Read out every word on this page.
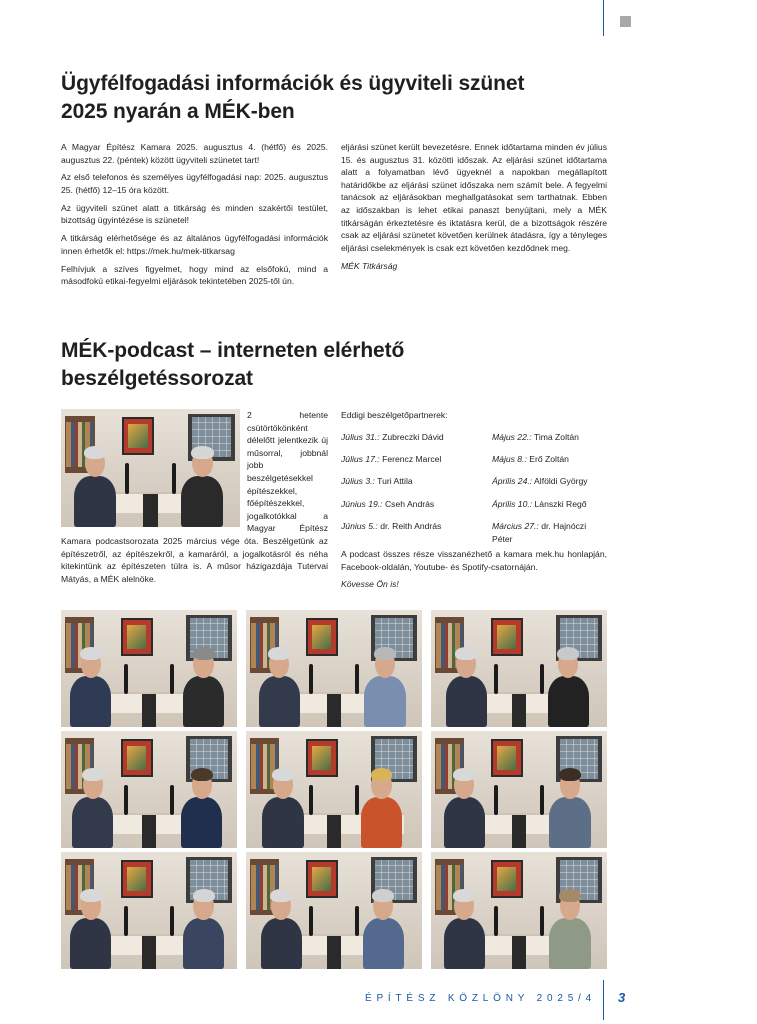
Ügyfélfogadási információk és ügyviteli szünet
2025 nyarán a MÉK-ben

A Magyar Építész Kamara 2025. augusztus 4. (hétfő) és 2025. augusztus 22. (péntek) között ügyviteli szünetet tart!

Az első telefonos és személyes ügyfélfogadási nap: 2025. augusztus 25. (hétfő) 12–15 óra között.

Az ügyviteli szünet alatt a titkárság és minden szakértői testület, bizottság ügyintézése is szünetel!

A titkárság elérhetősége és az általános ügyfélfogadási információk innen érhetők el: https://mek.hu/mek-titkarsag

Felhívjuk a szíves figyelmet, hogy mind az elsőfokú, mind a másodfokú etikai-fegyelmi eljárások tekintetében 2025-től ún.

eljárási szünet került bevezetésre. Ennek időtartama minden év július 15. és augusztus 31. közötti időszak. Az eljárási szünet időtartama alatt a folyamatban lévő ügyeknél a napokban megállapított határidőkbe az eljárási szünet időszaka nem számít bele. A fegyelmi tanácsok az eljárásokban meghallgatásokat sem tarthatnak. Ebben az időszakban is lehet etikai panaszt benyújtani, mely a MÉK titkárságán érkeztetésre és iktatásra kerül, de a bizottságok részére csak az eljárási szünetet követően kerülnek átadásra, így a tényleges eljárási cselekmények is csak ezt követően kezdődnek meg.

MÉK Titkárság

MÉK-podcast – interneten elérhető
beszélgetéssorozat
2 hetente csütörtökönként délelőtt jelentkezik új műsorral, jobbnál jobb beszélgetésekkel építészekkel, főépítészekkel, jogalkotókkal a Magyar Építész Kamara podcastsorozata 2025 március vége óta. Beszélgetünk az építészetről, az építészekről, a kamaráról, a jogalkotásról és néha kitekintünk az építészeten túlra is. A műsor házigazdája Tutervai Mátyás, a MÉK alelnöke.
Eddigi beszélgetőpartnerek:
Július 31.: Zubreczki Dávid	Május 22.: Tima Zoltán
Július 17.: Ferencz Marcel	Május 8.: Erő Zoltán
Július 3.: Turi Attila	Április 24.: Alföldi György
Június 19.: Cseh András	Április 10.: Lánszki Regő
Június 5.: dr. Reith András	Március 27.: dr. Hajnóczi Péter
A podcast összes része visszanézhető a kamara mek.hu honlapján, Facebook-oldalán, Youtube- és Spotify-csatornáján.
Kövesse Ön is!
ÉPÍTÉSZ KÖZLÖNY 2025/4 3
